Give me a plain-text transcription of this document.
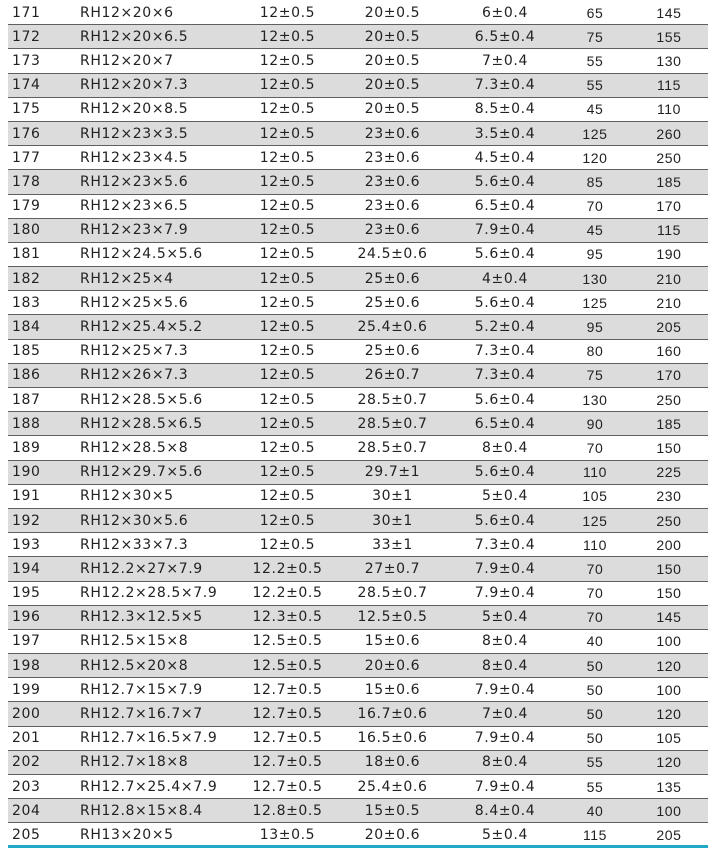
171	RH12×20×6	12±0.5	20±0.5	6±0.4	65	145
172	RH12×20×6.5	12±0.5	20±0.5	6.5±0.4	75	155
173	RH12×20×7	12±0.5	20±0.5	7±0.4	55	130
174	RH12×20×7.3	12±0.5	20±0.5	7.3±0.4	55	115
175	RH12×20×8.5	12±0.5	20±0.5	8.5±0.4	45	110
176	RH12×23×3.5	12±0.5	23±0.6	3.5±0.4	125	260
177	RH12×23×4.5	12±0.5	23±0.6	4.5±0.4	120	250
178	RH12×23×5.6	12±0.5	23±0.6	5.6±0.4	85	185
179	RH12×23×6.5	12±0.5	23±0.6	6.5±0.4	70	170
180	RH12×23×7.9	12±0.5	23±0.6	7.9±0.4	45	115
181	RH12×24.5×5.6	12±0.5	24.5±0.6	5.6±0.4	95	190
182	RH12×25×4	12±0.5	25±0.6	4±0.4	130	210
183	RH12×25×5.6	12±0.5	25±0.6	5.6±0.4	125	210
184	RH12×25.4×5.2	12±0.5	25.4±0.6	5.2±0.4	95	205
185	RH12×25×7.3	12±0.5	25±0.6	7.3±0.4	80	160
186	RH12×26×7.3	12±0.5	26±0.7	7.3±0.4	75	170
187	RH12×28.5×5.6	12±0.5	28.5±0.7	5.6±0.4	130	250
188	RH12×28.5×6.5	12±0.5	28.5±0.7	6.5±0.4	90	185
189	RH12×28.5×8	12±0.5	28.5±0.7	8±0.4	70	150
190	RH12×29.7×5.6	12±0.5	29.7±1	5.6±0.4	110	225
191	RH12×30×5	12±0.5	30±1	5±0.4	105	230
192	RH12×30×5.6	12±0.5	30±1	5.6±0.4	125	250
193	RH12×33×7.3	12±0.5	33±1	7.3±0.4	110	200
194	RH12.2×27×7.9	12.2±0.5	27±0.7	7.9±0.4	70	150
195	RH12.2×28.5×7.9	12.2±0.5	28.5±0.7	7.9±0.4	70	150
196	RH12.3×12.5×5	12.3±0.5	12.5±0.5	5±0.4	70	145
197	RH12.5×15×8	12.5±0.5	15±0.6	8±0.4	40	100
198	RH12.5×20×8	12.5±0.5	20±0.6	8±0.4	50	120
199	RH12.7×15×7.9	12.7±0.5	15±0.6	7.9±0.4	50	100
200	RH12.7×16.7×7	12.7±0.5	16.7±0.6	7±0.4	50	120
201	RH12.7×16.5×7.9	12.7±0.5	16.5±0.6	7.9±0.4	50	105
202	RH12.7×18×8	12.7±0.5	18±0.6	8±0.4	55	120
203	RH12.7×25.4×7.9	12.7±0.5	25.4±0.6	7.9±0.4	55	135
204	RH12.8×15×8.4	12.8±0.5	15±0.5	8.4±0.4	40	100
205	RH13×20×5	13±0.5	20±0.6	5±0.4	115	205
